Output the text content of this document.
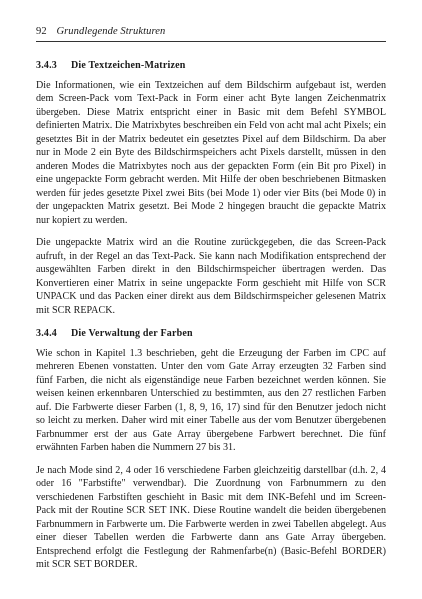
92 Grundlegende Strukturen
3.4.3 Die Textzeichen-Matrizen

Die Informationen, wie ein Textzeichen auf dem Bildschirm aufgebaut ist, werden dem Screen-Pack vom Text-Pack in Form einer acht Byte langen Zeichenmatrix übergeben. Diese Matrix entspricht einer in Basic mit dem Befehl SYMBOL definierten Matrix. Die Matrixbytes beschreiben ein Feld von acht mal acht Pixels; ein gesetztes Bit in der Matrix bedeutet ein gesetztes Pixel auf dem Bildschirm. Da aber nur in Mode 2 ein Byte des Bildschirmspeichers acht Pixels darstellt, müssen in den anderen Modes die Matrixbytes noch aus der gepackten Form (ein Bit pro Pixel) in eine ungepackte Form gebracht werden. Mit Hilfe der oben beschriebenen Bitmasken werden für jedes gesetzte Pixel zwei Bits (bei Mode 1) oder vier Bits (bei Mode 0) in der ungepackten Matrix gesetzt. Bei Mode 2 hingegen braucht die gepackte Matrix nur kopiert zu werden.

Die ungepackte Matrix wird an die Routine zurückgegeben, die das Screen-Pack aufruft, in der Regel an das Text-Pack. Sie kann nach Modifikation entsprechend der ausgewählten Farben direkt in den Bildschirmspeicher übertragen werden. Das Konvertieren einer Matrix in seine ungepackte Form geschieht mit Hilfe von SCR UNPACK und das Packen einer direkt aus dem Bildschirmspeicher gelesenen Matrix mit SCR REPACK.

3.4.4 Die Verwaltung der Farben

Wie schon in Kapitel 1.3 beschrieben, geht die Erzeugung der Farben im CPC auf mehreren Ebenen vonstatten. Unter den vom Gate Array erzeugten 32 Farben sind fünf Farben, die nicht als eigenständige neue Farben bezeichnet werden können. Sie weisen keinen erkennbaren Unterschied zu bestimmten, aus den 27 restlichen Farben auf. Die Farbwerte dieser Farben (1, 8, 9, 16, 17) sind für den Benutzer jedoch nicht so leicht zu merken. Daher wird mit einer Tabelle aus der vom Benutzer übergebenen Farbnummer erst der aus Gate Array übergebene Farbwert berechnet. Die fünf erwähnten Farben haben die Nummern 27 bis 31.

Je nach Mode sind 2, 4 oder 16 verschiedene Farben gleichzeitig darstellbar (d.h. 2, 4 oder 16 "Farbstifte" verwendbar). Die Zuordnung von Farbnummern zu den verschiedenen Farbstiften geschieht in Basic mit dem INK-Befehl und im Screen-Pack mit der Routine SCR SET INK. Diese Routine wandelt die beiden übergebenen Farbnummern in Farbwerte um. Die Farbwerte werden in zwei Tabellen abgelegt. Aus einer dieser Tabellen werden die Farbwerte dann ans Gate Array übergeben. Entsprechend erfolgt die Festlegung der Rahmenfarbe(n) (Basic-Befehl BORDER) mit SCR SET BORDER.
